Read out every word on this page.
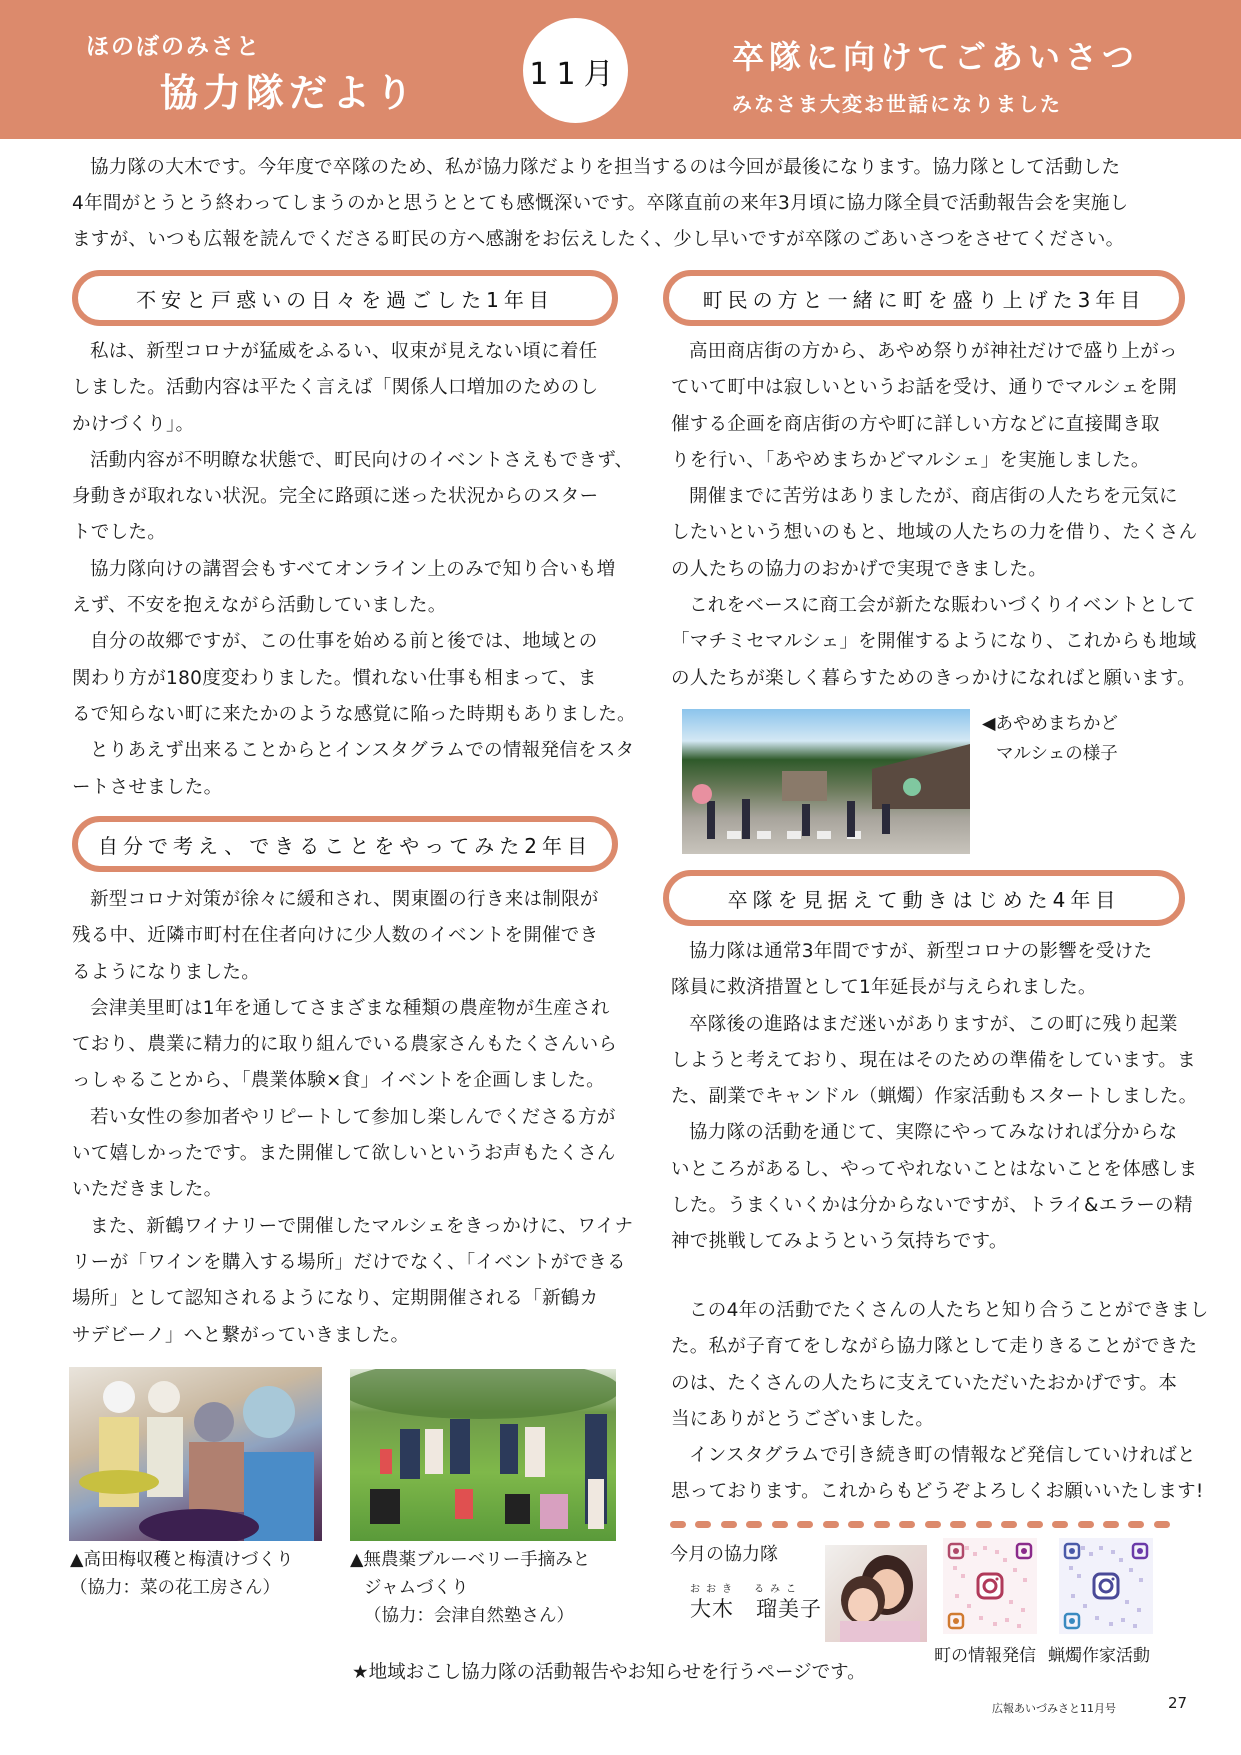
ほのぼのみさと
協力隊だより	11月	卒隊に向けてごあいさつ
みなさま大変お世話になりました

協力隊の大木です。今年度で卒隊のため、私が協力隊だよりを担当するのは今回が最後になります。協力隊として活動した

4年間がとうとう終わってしまうのかと思うととても感慨深いです。卒隊直前の来年3月頃に協力隊全員で活動報告会を実施し

ますが、いつも広報を読んでくださる町民の方へ感謝をお伝えしたく、少し早いですが卒隊のごあいさつをさせてください。

不安と戸惑いの日々を過ごした1年目

私は、新型コロナが猛威をふるい、収束が見えない頃に着任

しました。活動内容は平たく言えば「関係人口増加のためのし

かけづくり」。

活動内容が不明瞭な状態で、町民向けのイベントさえもできず、

身動きが取れない状況。完全に路頭に迷った状況からのスター

トでした。

協力隊向けの講習会もすべてオンライン上のみで知り合いも増

えず、不安を抱えながら活動していました。

自分の故郷ですが、この仕事を始める前と後では、地域との

関わり方が180度変わりました。慣れない仕事も相まって、ま

るで知らない町に来たかのような感覚に陥った時期もありました。

とりあえず出来ることからとインスタグラムでの情報発信をスタ

ートさせました。

自分で考え、できることをやってみた2年目

新型コロナ対策が徐々に緩和され、関東圏の行き来は制限が

残る中、近隣市町村在住者向けに少人数のイベントを開催でき

るようになりました。

会津美里町は1年を通してさまざまな種類の農産物が生産され

ており、農業に精力的に取り組んでいる農家さんもたくさんいら

っしゃることから、「農業体験×食」イベントを企画しました。

若い女性の参加者やリピートして参加し楽しんでくださる方が

いて嬉しかったです。また開催して欲しいというお声もたくさん

いただきました。

また、新鶴ワイナリーで開催したマルシェをきっかけに、ワイナ

リーが「ワインを購入する場所」だけでなく、「イベントができる

場所」として認知されるようになり、定期開催される「新鶴カ

サデビーノ」へと繋がっていきました。

▲高田梅収穫と梅漬けづくり
（協力：菜の花工房さん）
▲無農薬ブルーベリー手摘みと
ジャムづくり
（協力：会津自然塾さん）
町民の方と一緒に町を盛り上げた3年目

高田商店街の方から、あやめ祭りが神社だけで盛り上がっ

ていて町中は寂しいというお話を受け、通りでマルシェを開

催する企画を商店街の方や町に詳しい方などに直接聞き取

りを行い、「あやめまちかどマルシェ」を実施しました。

開催までに苦労はありましたが、商店街の人たちを元気に

したいという想いのもと、地域の人たちの力を借り、たくさん

の人たちの協力のおかげで実現できました。

これをベースに商工会が新たな賑わいづくりイベントとして

「マチミセマルシェ」を開催するようになり、これからも地域

の人たちが楽しく暮らすためのきっかけになればと願います。

◀あやめまちかど
マルシェの様子
卒隊を見据えて動きはじめた4年目

協力隊は通常3年間ですが、新型コロナの影響を受けた

隊員に救済措置として1年延長が与えられました。

卒隊後の進路はまだ迷いがありますが、この町に残り起業

しようと考えており、現在はそのための準備をしています。ま

た、副業でキャンドル（蝋燭）作家活動もスタートしました。

協力隊の活動を通じて、実際にやってみなければ分からな

いところがあるし、やってやれないことはないことを体感しま

した。うまくいくかは分からないですが、トライ&エラーの精

神で挑戦してみようという気持ちです。

この4年の活動でたくさんの人たちと知り合うことができまし

た。私が子育てをしながら協力隊として走りきることができた

のは、たくさんの人たちに支えていただいたおかげです。本

当にありがとうございました。

インスタグラムで引き続き町の情報など発信していければと

思っております。これからもどうぞよろしくお願いいたします!

今月の協力隊
おおき　るみこ
大木　瑠美子
町の情報発信 蝋燭作家活動
★地域おこし協力隊の活動報告やお知らせを行うページです。
広報あいづみさと11月号	27
